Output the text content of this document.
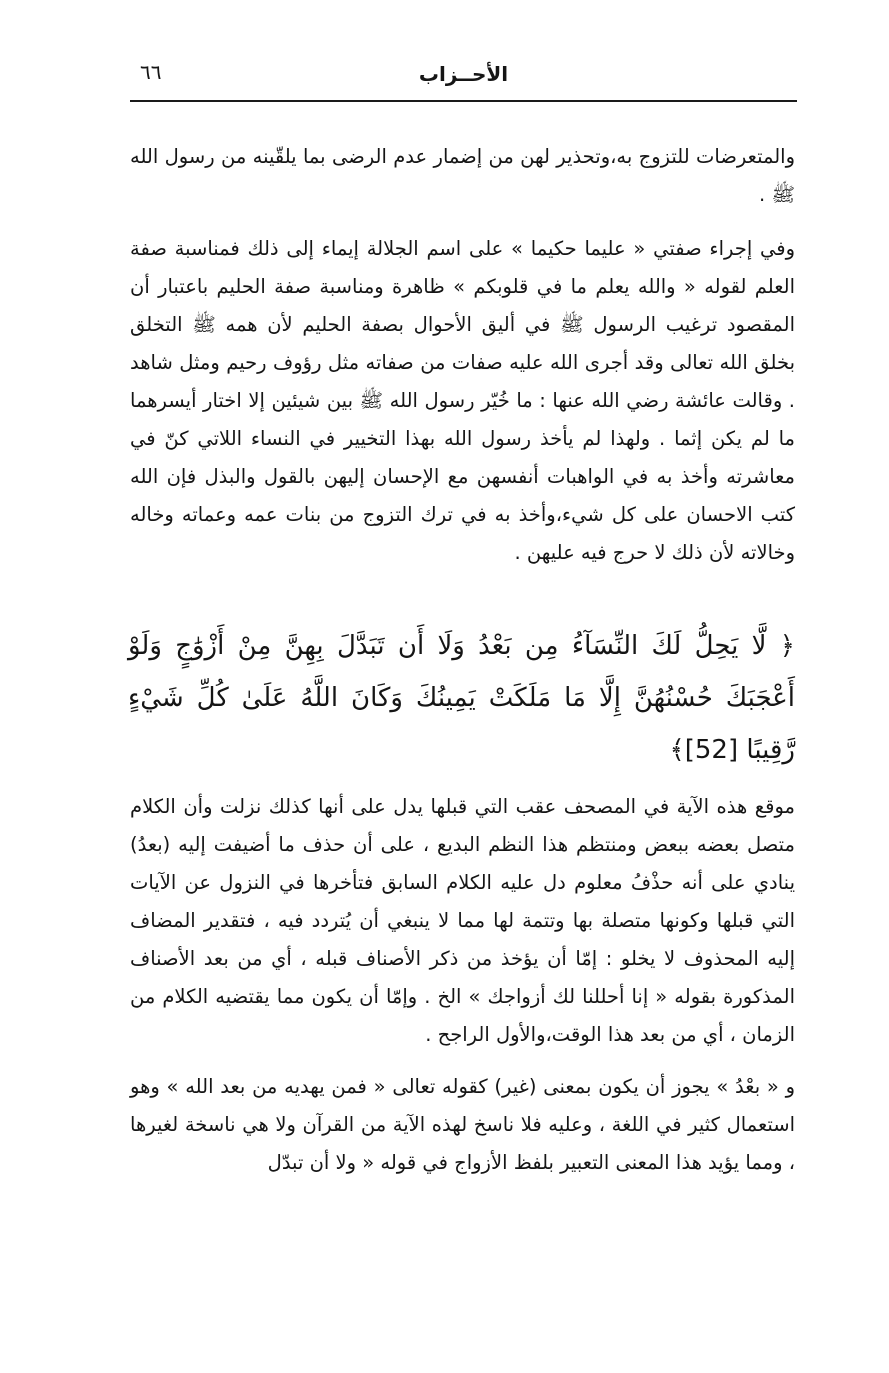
٦٦	الأحــزاب

والمتعرضات للتزوج به،وتحذير لهن من إضمار عدم الرضى بما يلقّينه من رسول الله ﷺ .

وفي إجراء صفتي « عليما حكيما » على اسم الجلالة إيماء إلى ذلك فمناسبة صفة العلم لقوله « والله يعلم ما في قلوبكم » ظاهرة ومناسبة صفة الحليم باعتبار أن المقصود ترغيب الرسول ﷺ في أليق الأحوال بصفة الحليم لأن همه ﷺ التخلق بخلق الله تعالى وقد أجرى الله عليه صفات من صفاته مثل رؤوف رحيم ومثل شاهد . وقالت عائشة رضي الله عنها : ما خُيّر رسول الله ﷺ بين شيئين إلا اختار أيسرهما ما لم يكن إثما . ولهذا لم يأخذ رسول الله بهذا التخيير في النساء اللاتي كنّ في معاشرته وأخذ به في الواهبات أنفسهن مع الإحسان إليهن بالقول والبذل فإن الله كتب الاحسان على كل شيء،وأخذ به في ترك التزوج من بنات عمه وعماته وخاله وخالاته لأن ذلك لا حرج فيه عليهن .

﴿ لَّا يَحِلُّ لَكَ النِّسَآءُ مِن بَعْدُ وَلَا أَن تَبَدَّلَ بِهِنَّ مِنْ أَزْوَٰجٍ وَلَوْ أَعْجَبَكَ حُسْنُهُنَّ إِلَّا مَا مَلَكَتْ يَمِينُكَ وَكَانَ اللَّهُ عَلَىٰ كُلِّ شَيْءٍ رَّقِيبًا [52]﴾

موقع هذه الآية في المصحف عقب التي قبلها يدل على أنها كذلك نزلت وأن الكلام متصل بعضه ببعض ومنتظم هذا النظم البديع ، على أن حذف ما أضيفت إليه (بعدُ) ينادي على أنه حذْفُ معلوم دل عليه الكلام السابق فتأخرها في النزول عن الآيات التي قبلها وكونها متصلة بها وتتمة لها مما لا ينبغي أن يُتردد فيه ، فتقدير المضاف إليه المحذوف لا يخلو : إمّا أن يؤخذ من ذكر الأصناف قبله ، أي من بعد الأصناف المذكورة بقوله « إنا أحللنا لك أزواجك » الخ . وإمّا أن يكون مما يقتضيه الكلام من الزمان ، أي من بعد هذا الوقت،والأول الراجح .

و « بعْدُ » يجوز أن يكون بمعنى (غير) كقوله تعالى « فمن يهديه من بعد الله » وهو استعمال كثير في اللغة ، وعليه فلا ناسخ لهذه الآية من القرآن ولا هي ناسخة لغيرها ، ومما يؤيد هذا المعنى التعبير بلفظ الأزواج في قوله « ولا أن تبدّل
